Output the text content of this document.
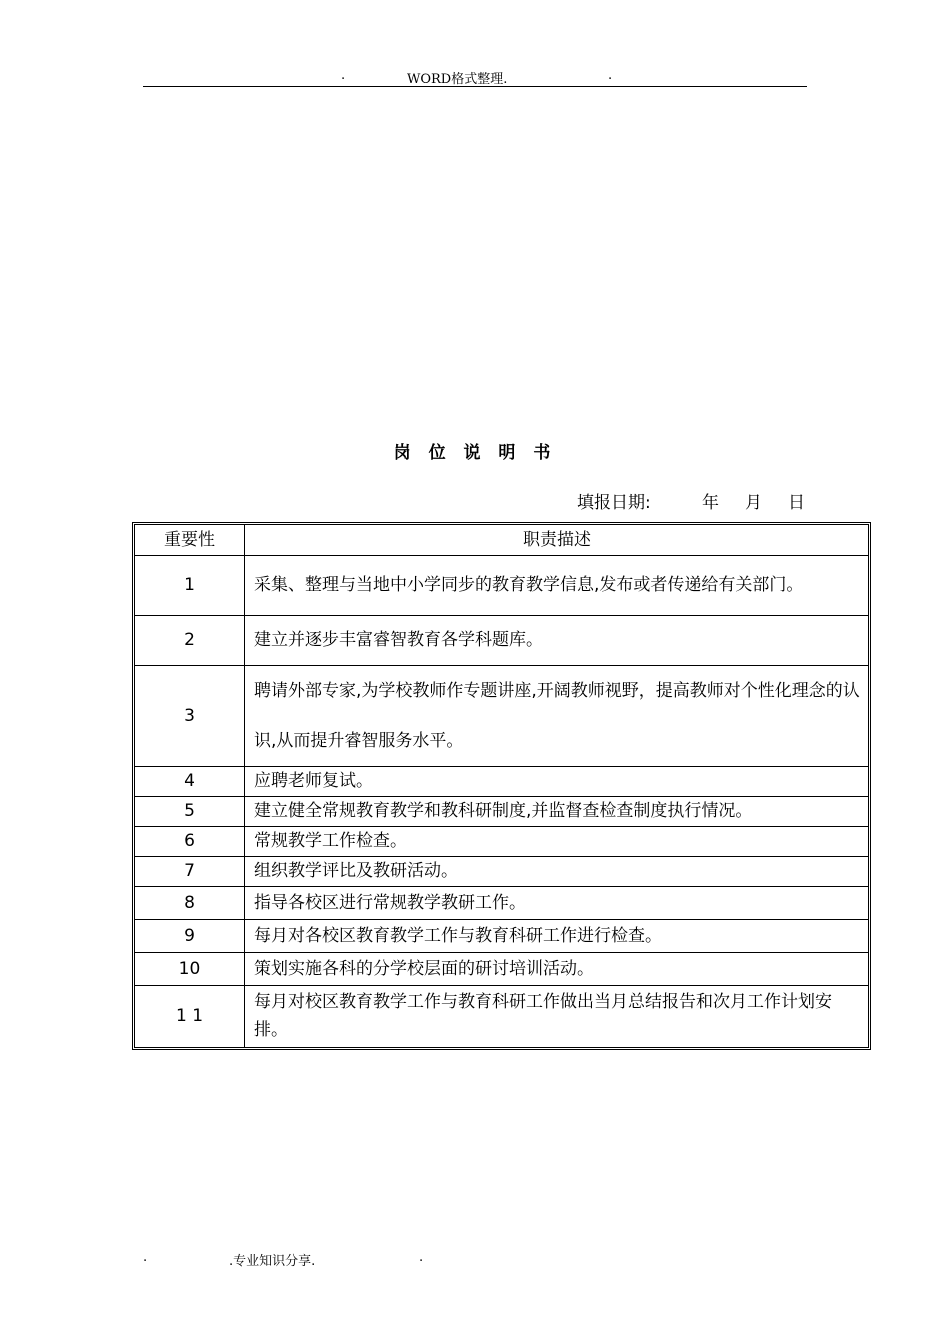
.	WORD格式整理.	.
岗 位 说 明 书
填报日期:	年 月 日
重要性	职责描述
1	采集、整理与当地中小学同步的教育教学信息,发布或者传递给有关部门。
2	建立并逐步丰富睿智教育各学科题库。
3	聘请外部专家,为学校教师作专题讲座,开阔教师视野，提高教师对个性化理念的认识,从而提升睿智服务水平。
4	应聘老师复试。
5	建立健全常规教育教学和教科研制度,并监督查检查制度执行情况。
6	常规教学工作检查。
7	组织教学评比及教研活动。
8	指导各校区进行常规教学教研工作。
9	每月对各校区教育教学工作与教育科研工作进行检查。
10	策划实施各科的分学校层面的研讨培训活动。
1 1	每月对校区教育教学工作与教育科研工作做出当月总结报告和次月工作计划安排。
.	.专业知识分享.	.
